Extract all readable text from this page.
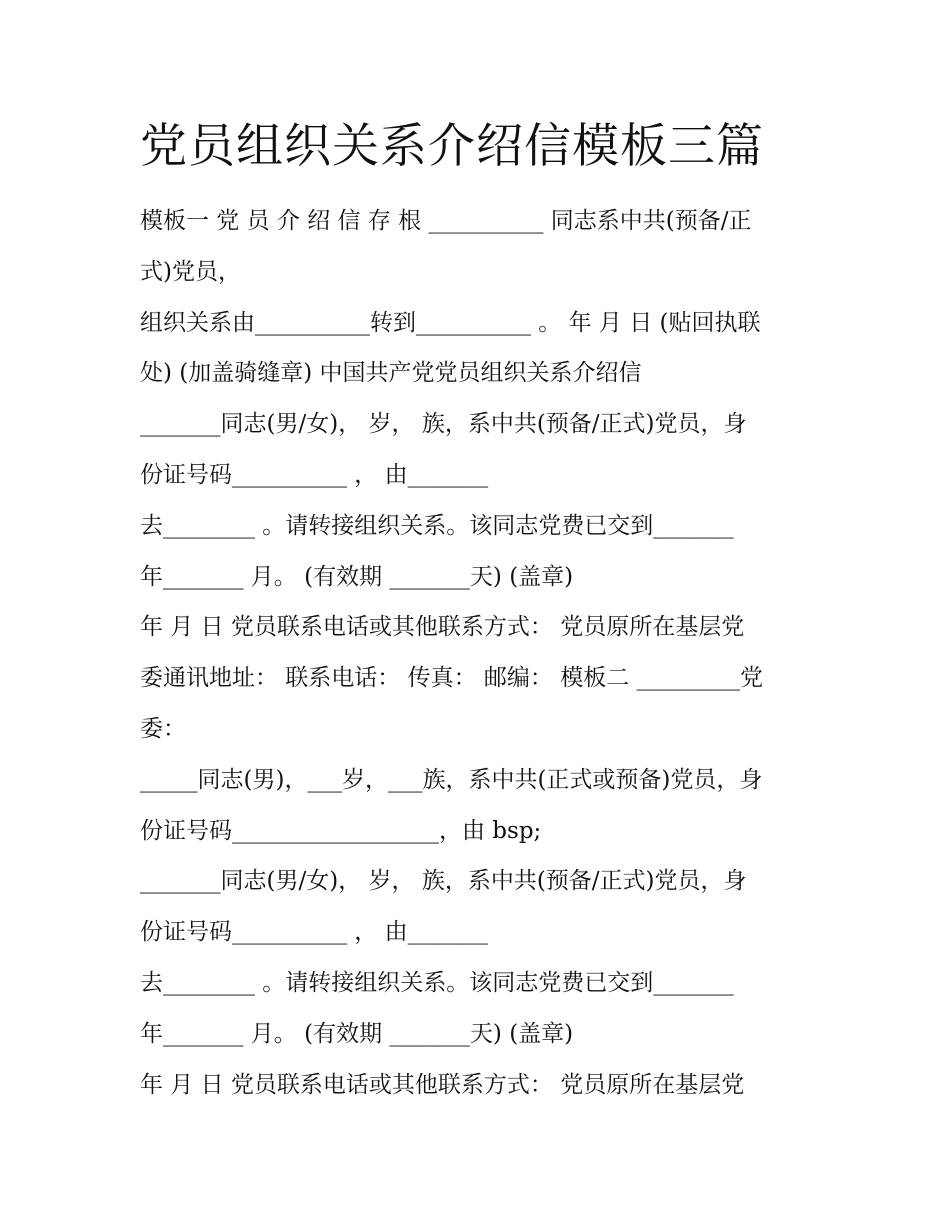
党员组织关系介绍信模板三篇
模板一 党 员 介 绍 信 存 根 __________ 同志系中共(预备/正
式)党员，
组织关系由__________转到__________ 。 年 月 日 (贴回执联
处) (加盖骑缝章) 中国共产党党员组织关系介绍信
_______同志(男/女)， 岁， 族，系中共(预备/正式)党员，身
份证号码__________ ， 由_______
去________ 。请转接组织关系。该同志党费已交到_______
年_______ 月。 (有效期 _______天) (盖章)
年 月 日 党员联系电话或其他联系方式： 党员原所在基层党
委通讯地址： 联系电话： 传真： 邮编： 模板二 _________党
委：
_____同志(男)，___岁，___族，系中共(正式或预备)党员，身
份证号码__________________，由 bsp;
_______同志(男/女)， 岁， 族，系中共(预备/正式)党员，身
份证号码__________ ， 由_______
去________ 。请转接组织关系。该同志党费已交到_______
年_______ 月。 (有效期 _______天) (盖章)
年 月 日 党员联系电话或其他联系方式： 党员原所在基层党
